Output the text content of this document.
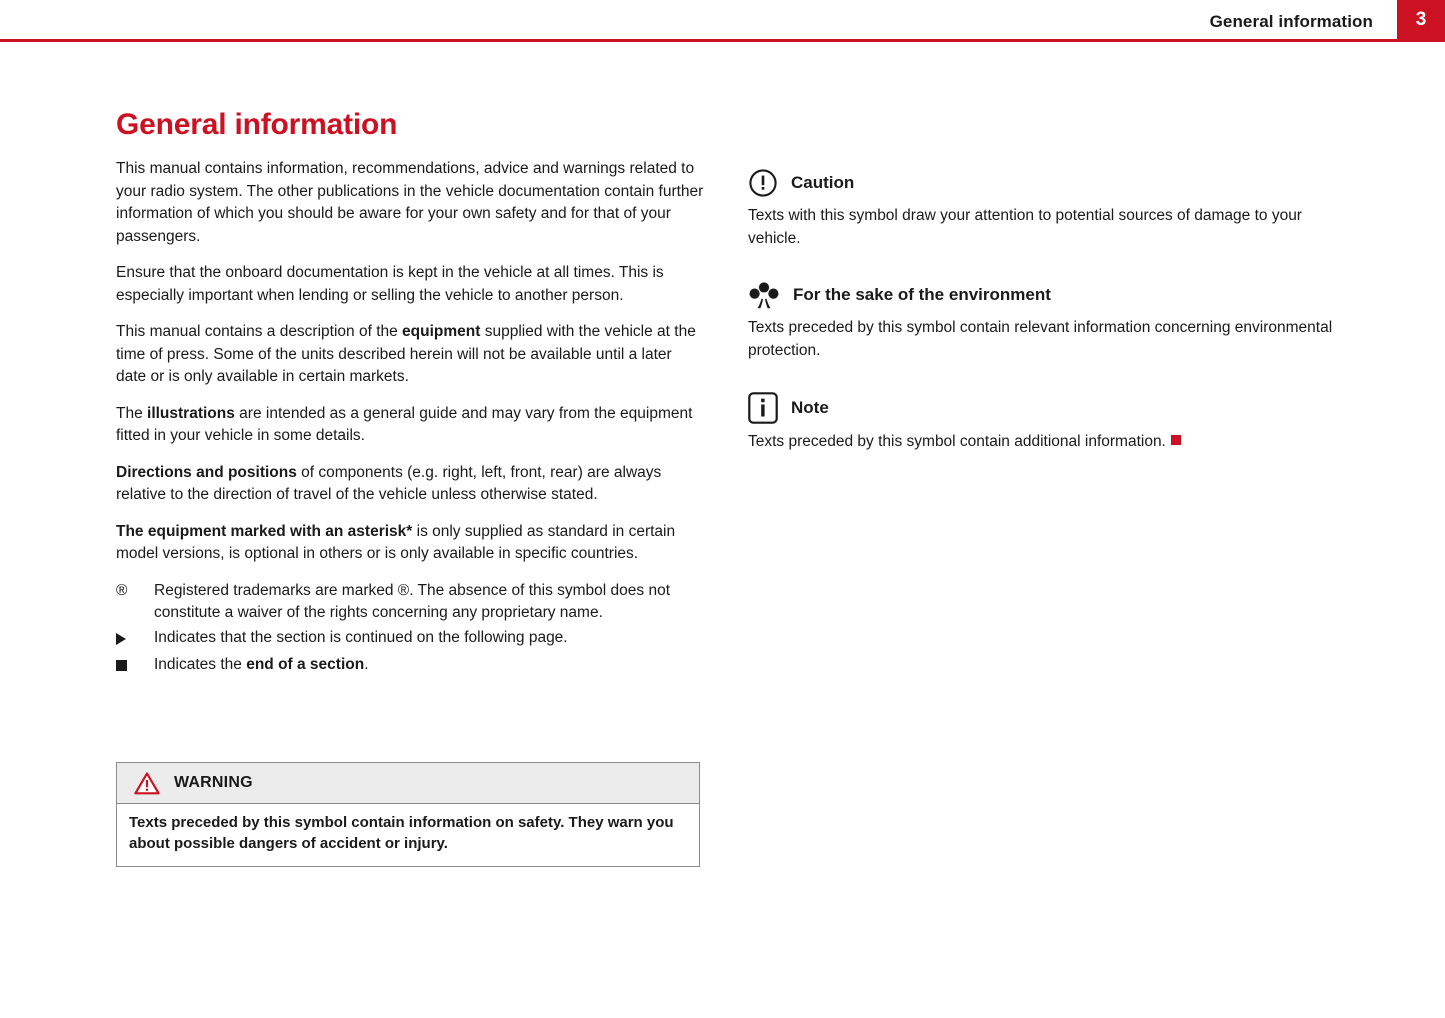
General information	3
General information

This manual contains information, recommendations, advice and warnings related to your radio system. The other publications in the vehicle documentation contain further information of which you should be aware for your own safety and for that of your passengers.

Ensure that the onboard documentation is kept in the vehicle at all times. This is especially important when lending or selling the vehicle to another person.

This manual contains a description of the equipment supplied with the vehicle at the time of press. Some of the units described herein will not be available until a later date or is only available in certain markets.

The illustrations are intended as a general guide and may vary from the equipment fitted in your vehicle in some details.

Directions and positions of components (e.g. right, left, front, rear) are always relative to the direction of travel of the vehicle unless otherwise stated.

The equipment marked with an asterisk* is only supplied as standard in certain model versions, is optional in others or is only available in specific countries.

®	Registered trademarks are marked ®. The absence of this symbol does not constitute a waiver of the rights concerning any proprietary name.
Indicates that the section is continued on the following page.
Indicates the end of a section.
WARNING
Texts preceded by this symbol contain information on safety. They warn you about possible dangers of accident or injury.
Caution

Texts with this symbol draw your attention to potential sources of damage to your vehicle.

For the sake of the environment

Texts preceded by this symbol contain relevant information concerning environmental protection.

Note

Texts preceded by this symbol contain additional information.
